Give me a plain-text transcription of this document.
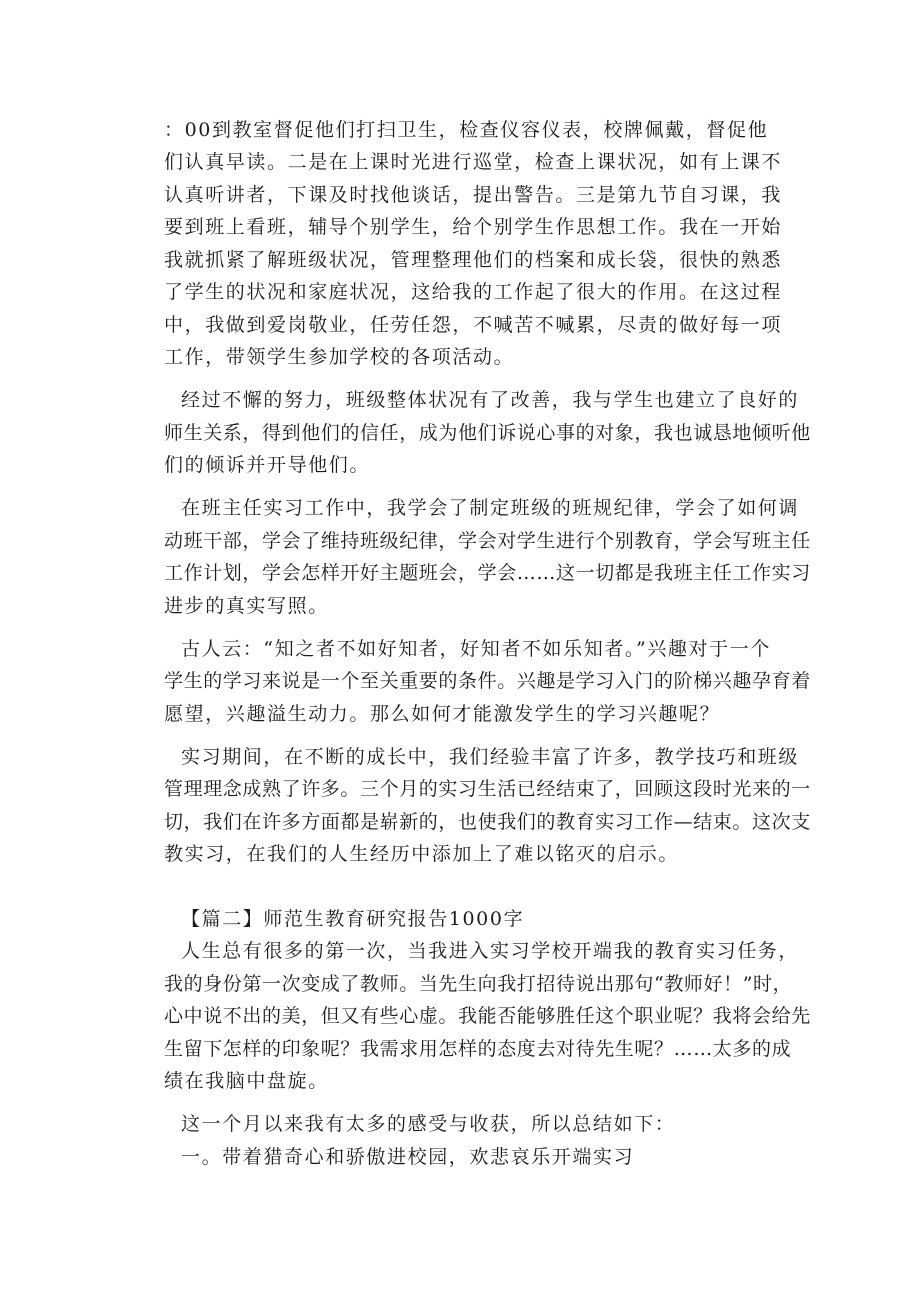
：00到教室督促他们打扫卫生，检查仪容仪表，校牌佩戴，督促他
们认真早读。二是在上课时光进行巡堂，检查上课状况，如有上课不
认真听讲者，下课及时找他谈话，提出警告。三是第九节自习课，我
要到班上看班，辅导个别学生，给个别学生作思想工作。我在一开始
我就抓紧了解班级状况，管理整理他们的档案和成长袋，很快的熟悉
了学生的状况和家庭状况，这给我的工作起了很大的作用。在这过程
中，我做到爱岗敬业，任劳任怨，不喊苦不喊累，尽责的做好每一项
工作，带领学生参加学校的各项活动。
经过不懈的努力，班级整体状况有了改善，我与学生也建立了良好的
师生关系，得到他们的信任，成为他们诉说心事的对象，我也诚恳地倾听他
们的倾诉并开导他们。
在班主任实习工作中，我学会了制定班级的班规纪律，学会了如何调
动班干部，学会了维持班级纪律，学会对学生进行个别教育，学会写班主任
工作计划，学会怎样开好主题班会，学会……这一切都是我班主任工作实习
进步的真实写照。
古人云：“知之者不如好知者，好知者不如乐知者。”兴趣对于一个
学生的学习来说是一个至关重要的条件。兴趣是学习入门的阶梯兴趣孕育着
愿望，兴趣溢生动力。那么如何才能激发学生的学习兴趣呢？
实习期间，在不断的成长中，我们经验丰富了许多，教学技巧和班级
管理理念成熟了许多。三个月的实习生活已经结束了，回顾这段时光来的一
切，我们在许多方面都是崭新的，也使我们的教育实习工作—结束。这次支
教实习，在我们的人生经历中添加上了难以铭灭的启示。
【篇二】师范生教育研究报告1000字
人生总有很多的第一次，当我进入实习学校开端我的教育实习任务，
我的身份第一次变成了教师。当先生向我打招待说出那句“教师好！”时，
心中说不出的美，但又有些心虚。我能否能够胜任这个职业呢？我将会给先
生留下怎样的印象呢？我需求用怎样的态度去对待先生呢？……太多的成
绩在我脑中盘旋。
这一个月以来我有太多的感受与收获，所以总结如下：
一。带着猎奇心和骄傲进校园，欢悲哀乐开端实习
